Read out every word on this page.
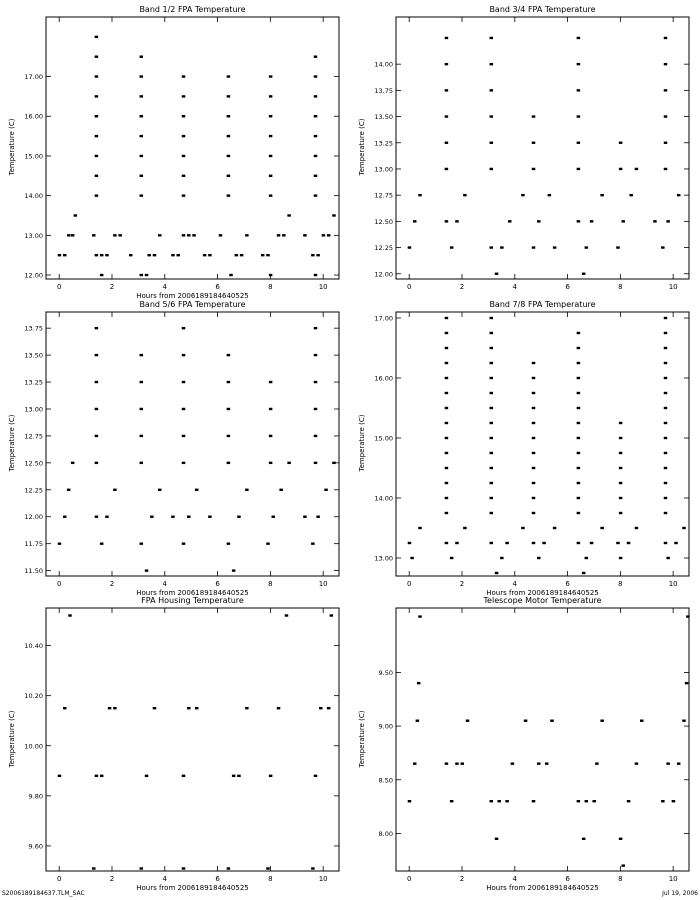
Band 1/2 FPA Temperature
Temperature (C)
Hours from 2006189184640525
0	2	4	6	8	10
12.00
13.00
14.00
15.00
16.00
17.00
Band 3/4 FPA Temperature
Temperature (C)
0	2	4	6	8	10
12.00
12.25
12.50
12.75
13.00
13.25
13.50
13.75
14.00
Band 5/6 FPA Temperature
Temperature (C)
Hours from 2006189184640525
0	2	4	6	8	10
11.50
11.75
12.00
12.25
12.50
12.75
13.00
13.25
13.50
13.75
Band 7/8 FPA Temperature
Temperature (C)
Hours from 2006189184640525
0	2	4	6	8	10
13.00
14.00
15.00
16.00
17.00
FPA Housing Temperature
Temperature (C)
Hours from 2006189184640525
0	2	4	6	8	10
9.60
9.80
10.00
10.20
10.40
Telescope Motor Temperature
Temperature (C)
Hours from 2006189184640525
0	2	4	6	8	10
8.00
8.50
9.00
9.50
S2006189184637.TLM_SAC	Jul 19, 2006
